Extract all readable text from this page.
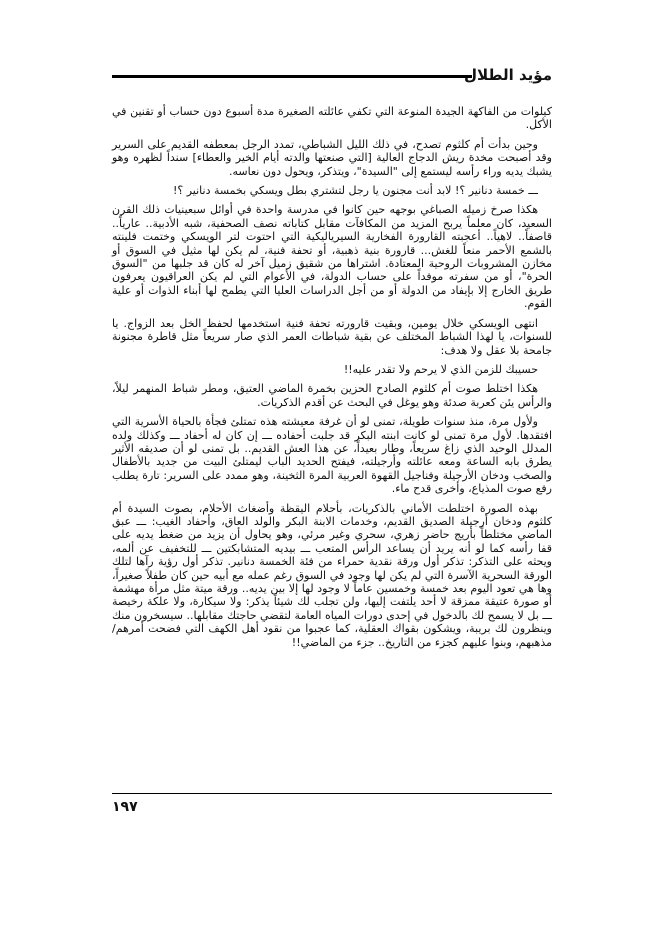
مؤيد الطلال

كيلوات من الفاكهة الجيدة المنوعة التي تكفي عائلته الصغيرة مدة أسبوع دون حساب أو تقنين في الأكل.

وحين بدأت أم كلثوم تصدح، في ذلك الليل الشباطي، تمدد الرجل بمعطفه القديم على السرير وقد أصبحت مخدة ريش الدجاج العالية [التي صنعتها والدته أيام الخير والعطاء] سنداً لظهره وهو يشبك يديه وراء رأسه ليستمع إلى "السيدة"، ويتذكر، ويحول دون نعاسه.

ـــ خمسة دنانير ؟! لابد أنت مجنون يا رجل لتشتري بطل ويسكي بخمسة دنانير ؟!

هكذا صرخ زميله الصباغي بوجهه حين كانوا في مدرسة واحدة في أوائل سبعينيات ذلك القرن السعيد، كان معلماً يربح المزيد من المكافآت مقابل كتاباته نصف الصحفية، شبه الأدبية.. عارياً.. قاصفاً.. لاهياً.. أعجبته القارورة الفخارية السيرياليكية التي احتوت لتر الويسكي وختمت فلينته بالشمع الأحمر منعاً للغش... قارورة بنية ذهبية، أو تحفة فنية، لم يكن لها مثيل في السوق أو مخازن المشروبات الروحية المعتادة. اشتراها من شقيق زميل آخر له كان قد جلبها من "السوق الحرة"، أو من سفرته موفداً على حساب الدولة، في الأعوام التي لم يكن العراقيون يعرفون طريق الخارج إلا بإيفاد من الدولة أو من أجل الدراسات العليا التي يطمح لها أبناء الذوات أو علية القوم.

انتهى الويسكي خلال يومين، وبقيت قارورته تحفة فنية استخدمها لحفظ الخل بعد الزواج. يا للسنوات، يا لهذا الشباط المختلف عن بقية شباطات العمر الذي صار سريعاً مثل قاطرة مجنونة جامحة بلا عقل ولا هدف:

حسيبك للزمن الذي لا يرحم ولا تقدر عليه!!

هكذا اختلط صوت أم كلثوم الصادح الحزين بخمرة الماضي العتيق، ومطر شباط المنهمر ليلاً، والرأس يئن كعربة صدئة وهو يوغل في البحث عن أقدم الذكريات.

ولأول مرة، منذ سنوات طويلة، تمنى لو أن غرفة معيشته هذه تمتلئ فجأة بالحياة الأسرية التي افتقدها. لأول مرة تمنى لو كانت ابنته البكر قد جلبت أحفاده ـــ إن كان له أحفاد ـــ وكذلك ولده المدلل الوحيد الذي زاغ سريعاً، وطار بعيداً، عن هذا العش القديم.. بل تمنى لو أن صديقه الأثير يطرق بابه الساعة ومعه عائلته وأرجيلته، فيفتح الحديد الباب ليمتلئ البيت من جديد بالأطفال والصخب ودخان الأرجيلة وفناجيل القهوة العربية المرة الثخينة، وهو ممدد على السرير: تارة يطلب رفع صوت المذياع، وأخرى قدح ماء.

بهذه الصورة اختلطت الأماني بالذكريات، بأحلام اليقظة وأضغاث الأحلام، بصوت السيدة أم كلثوم ودخان أرجيلة الصديق القديم، وخدمات الابنة البكر والولد العاق، وأحفاد الغيب: ـــ عبق الماضي مختلطاً بأريج حاضر زهري، سحري وغير مرئي، وهو يحاول أن يزيد من ضغط يديه على قفا رأسه كما لو أنه يريد أن يساعد الرأس المتعب ـــ بيديه المتشابكتين ـــ للتخفيف عن ألمه، ويحثه على التذكر: تذكر أول ورقة نقدية حمراء من فئة الخمسة دنانير. تذكر أول رؤية رآها لتلك الورقة السحرية الآسرة التي لم يكن لها وجود في السوق رغم عمله مع أبيه حين كان طفلاً صغيراً، وها هي تعود اليوم بعد خمسة وخمسين عاماً لا وجود لها إلا بين يديه.. ورقة ميتة مثل مرأة مهشمة أو صورة عتيقة ممزقة لا أحد يلتفت إليها، ولن تجلب لك شيئاً يذكر: ولا سيكارة، ولا علكة رخيصة ـــ بل لا يسمح لك بالدخول في إحدى دورات المياه العامة لتقضي حاجتك مقابلها.. سيسخرون منك وينظرون لك بريبة، ويشكون بقواك العقلية، كما عجبوا من نقود أهل الكهف التي فضحت أمرهم/ مذهبهم، وبنوا عليهم كجزء من التاريخ.. جزء من الماضي!!

١٩٧
